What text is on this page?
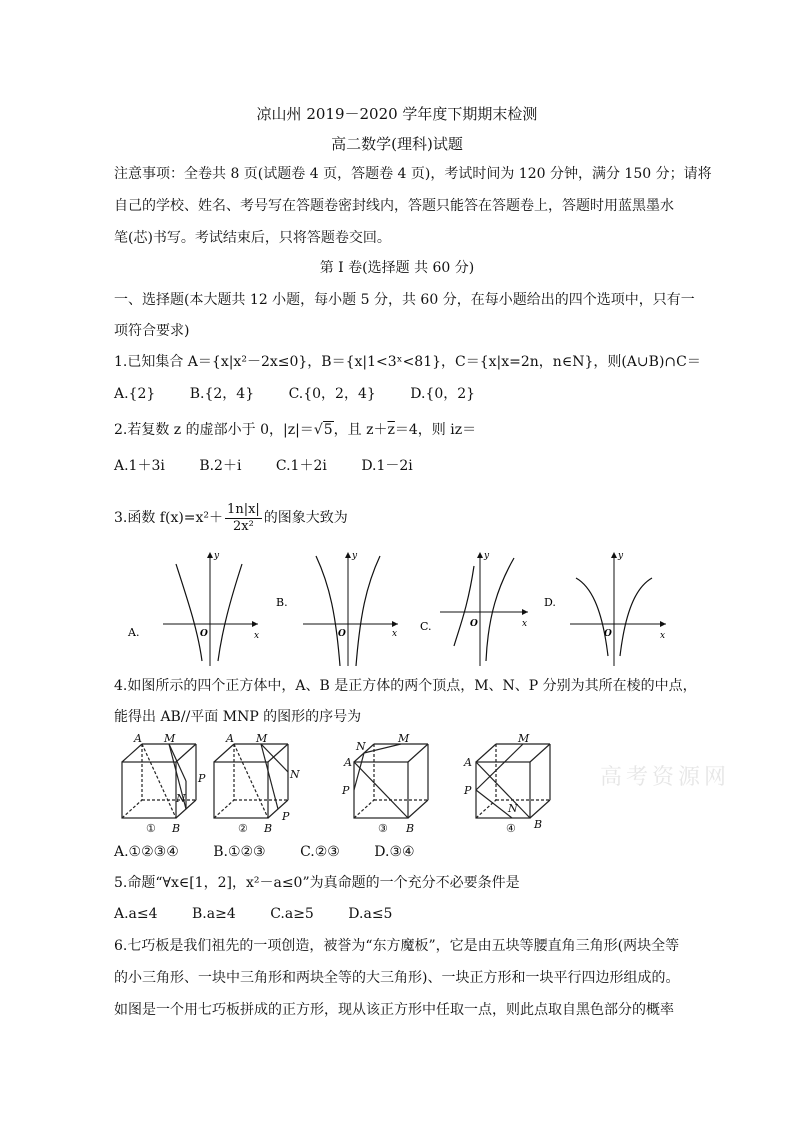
凉山州 2019－2020 学年度下期期末检测
高二数学(理科)试题
注意事项：全卷共 8 页(试题卷 4 页，答题卷 4 页)，考试时间为 120 分钟，满分 150 分；请将
自己的学校、姓名、考号写在答题卷密封线内，答题只能答在答题卷上，答题时用蓝黑墨水
笔(芯)书写。考试结束后，只将答题卷交回。
第 I 卷(选择题 共 60 分)
一、选择题(本大题共 12 小题，每小题 5 分，共 60 分，在每小题给出的四个选项中，只有一
项符合要求)
1.已知集合 A＝{x|x²－2x≤0}，B＝{x|1<3ˣ<81}，C＝{x|x=2n，n∈N}，则(A∪B)∩C＝
A.{2} B.{2，4} C.{0，2，4} D.{0，2}
2.若复数 z 的虚部小于 0，|z|＝√5，且 $z+\overline{z}=4$，则 iz＝
A.1＋3i B.2＋i C.1＋2i D.1－2i
3.函数 $f(x)=x^2+ \frac{1n|x|}{\text{2x²}}$ 的图象大致为
A.	x
y
O
B.
x
y
O
C.	x
y
O
D.
x
y
O
4.如图所示的四个正方体中，A、B 是正方体的两个顶点，M、N、P 分别为其所在棱的中点，
能得出 AB//平面 MNP 的图形的序号为
A M
P
N
B
①
A M
N
P
B
②
N
M
A
P
B
③
M
A
P
N
B
④
高考资源网
A.①②③④ B.①②③ C.②③ D.③④
5.命题“∀x∈[1，2]，x²－a≤0”为真命题的一个充分不必要条件是
A.a≤4 B.a≥4 C.a≥5 D.a≤5
6.七巧板是我们祖先的一项创造，被誉为“东方魔板”，它是由五块等腰直角三角形(两块全等
的小三角形、一块中三角形和两块全等的大三角形)、一块正方形和一块平行四边形组成的。
如图是一个用七巧板拼成的正方形，现从该正方形中任取一点，则此点取自黑色部分的概率
